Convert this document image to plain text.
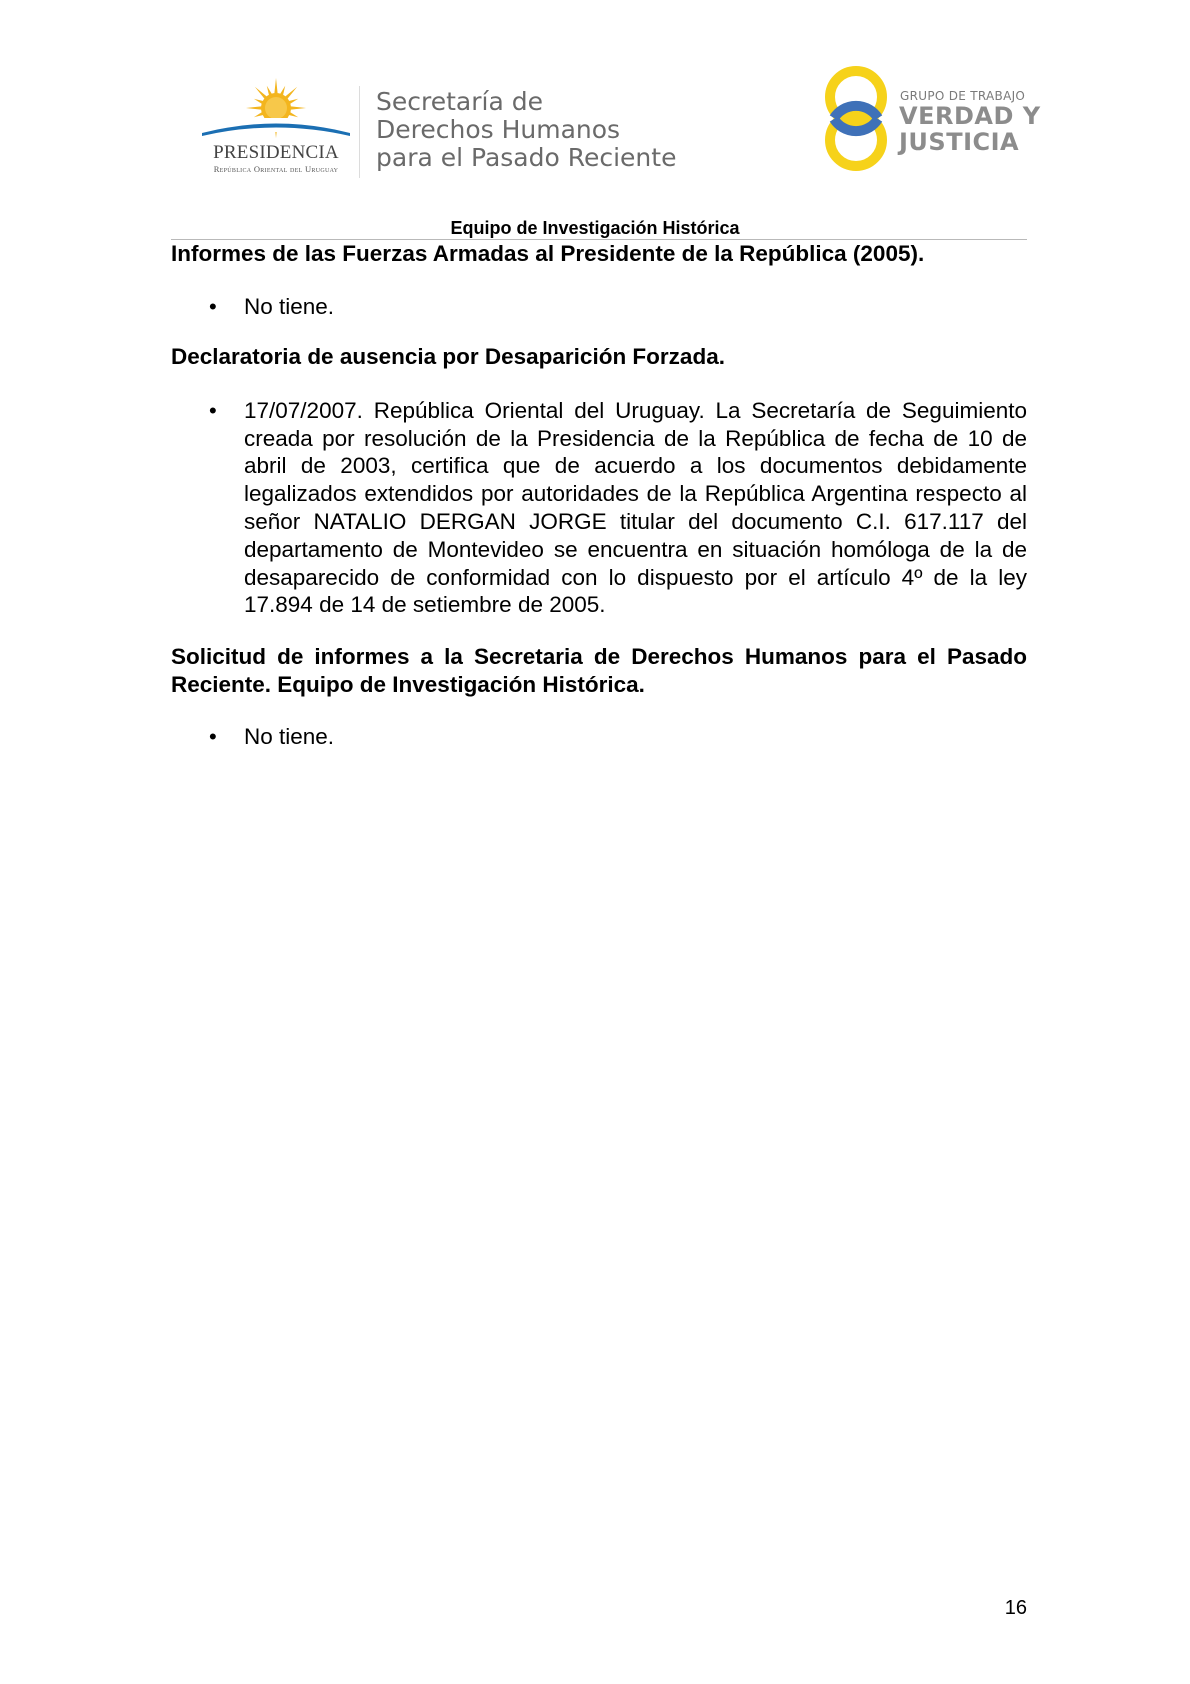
PRESIDENCIA
República Oriental del Uruguay
Secretaría de
Derechos Humanos
para el Pasado Reciente
GRUPO DE TRABAJO
VERDAD Y
JUSTICIA
Equipo de Investigación Histórica
Informes de las Fuerzas Armadas al Presidente de la República (2005).
• No tiene.
Declaratoria de ausencia por Desaparición Forzada.
• 17/07/2007. República Oriental del Uruguay. La Secretaría de Seguimiento creada por resolución de la Presidencia de la República de fecha de 10 de abril de 2003, certifica que de acuerdo a los documentos debidamente legalizados extendidos por autoridades de la República Argentina respecto al señor NATALIO DERGAN JORGE titular del documento C.I. 617.117 del departamento de Montevideo se encuentra en situación homóloga de la de desaparecido de conformidad con lo dispuesto por el artículo 4º de la ley 17.894 de 14 de setiembre de 2005.
Solicitud de informes a la Secretaria de Derechos Humanos para el Pasado Reciente. Equipo de Investigación Histórica.
• No tiene.
16
